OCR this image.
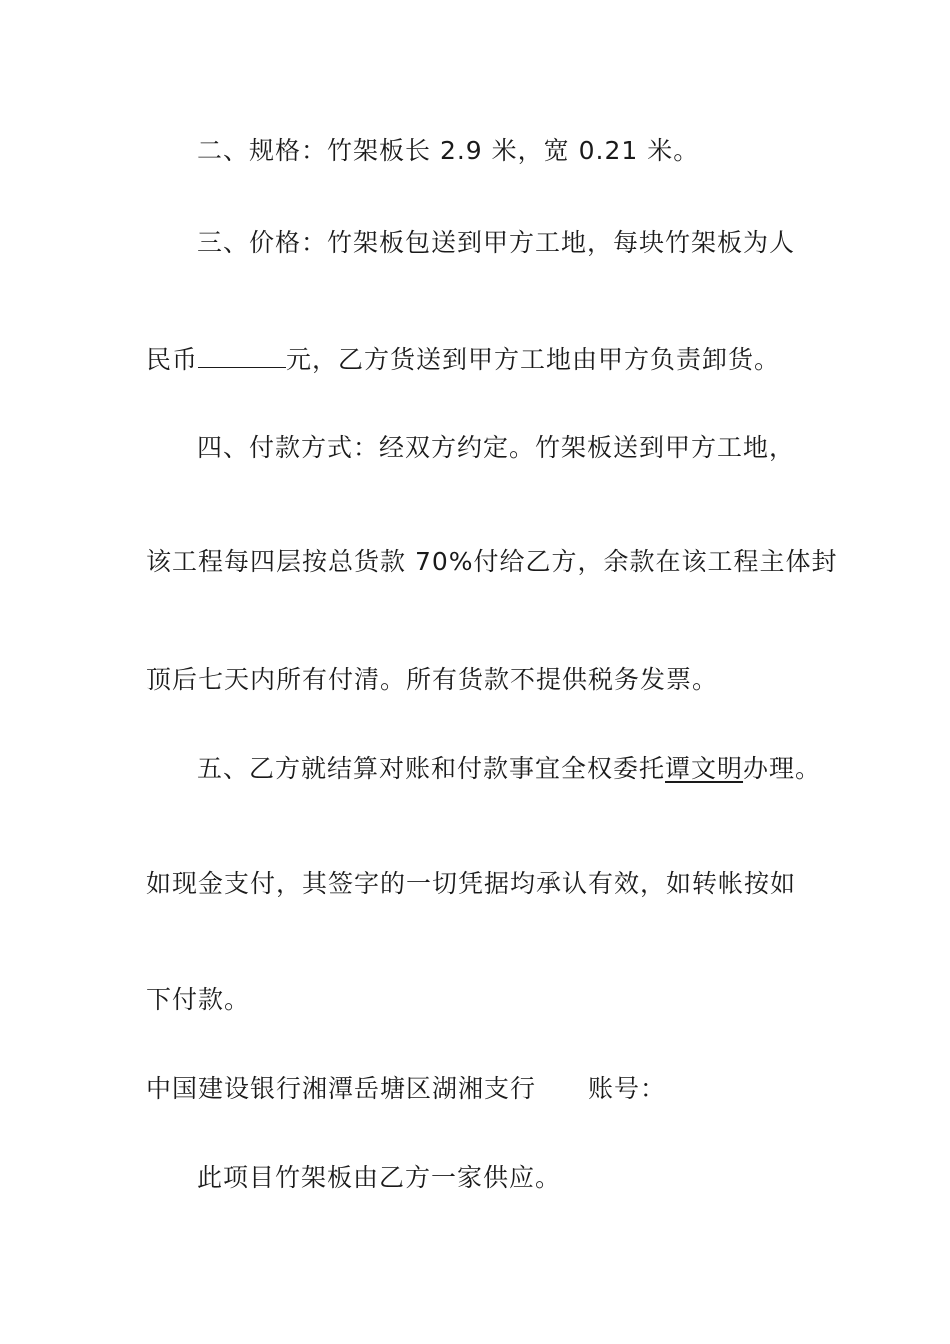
二、规格：竹架板长 2.9 米，宽 0.21 米。
三、价格：竹架板包送到甲方工地，每块竹架板为人
民币	元，乙方货送到甲方工地由甲方负责卸货。
四、付款方式：经双方约定。竹架板送到甲方工地，
该工程每四层按总货款 70%付给乙方，余款在该工程主体封
顶后七天内所有付清。所有货款不提供税务发票。
五、乙方就结算对账和付款事宜全权委托谭文明办理。
如现金支付，其签字的一切凭据均承认有效，如转帐按如
下付款。
中国建设银行湘潭岳塘区湖湘支行 账号：
此项目竹架板由乙方一家供应。
